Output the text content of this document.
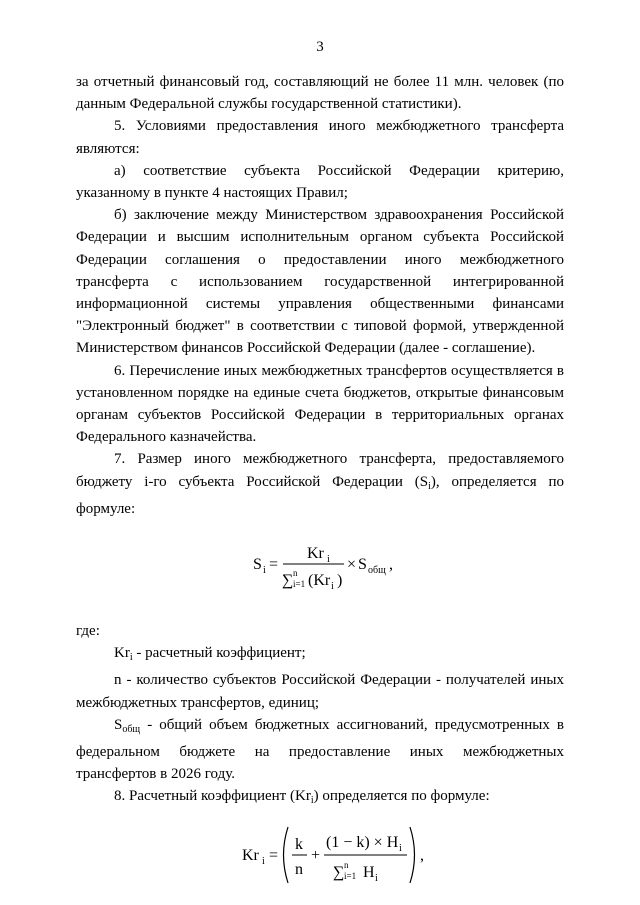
3

за отчетный финансовый год, составляющий не более 11 млн. человек (по данным Федеральной службы государственной статистики).

5. Условиями предоставления иного межбюджетного трансферта являются:

а) соответствие субъекта Российской Федерации критерию, указанному в пункте 4 настоящих Правил;

б) заключение между Министерством здравоохранения Российской Федерации и высшим исполнительным органом субъекта Российской Федерации соглашения о предоставлении иного межбюджетного трансферта с использованием государственной интегрированной информационной системы управления общественными финансами "Электронный бюджет" в соответствии с типовой формой, утвержденной Министерством финансов Российской Федерации (далее - соглашение).

6. Перечисление иных межбюджетных трансфертов осуществляется в установленном порядке на единые счета бюджетов, открытые финансовым органам субъектов Российской Федерации в территориальных органах Федерального казначейства.

7. Размер иного межбюджетного трансферта, предоставляемого бюджету i-го субъекта Российской Федерации $(S_i)$, определяется по формуле:

S i =
Kr i
∑ n
i=1 (Kr i )
× S общ ,

где:

$Kr_i$ - расчетный коэффициент;

n - количество субъектов Российской Федерации - получателей иных межбюджетных трансфертов, единиц;

$S_{общ}$ - общий объем бюджетных ассигнований, предусмотренных в федеральном бюджете на предоставление иных межбюджетных трансфертов в 2026 году.

8. Расчетный коэффициент $(Kr_i)$ определяется по формуле:

Kr i =
k
n
+
(1 − k) × H i
∑ n
i=1 H i
,
